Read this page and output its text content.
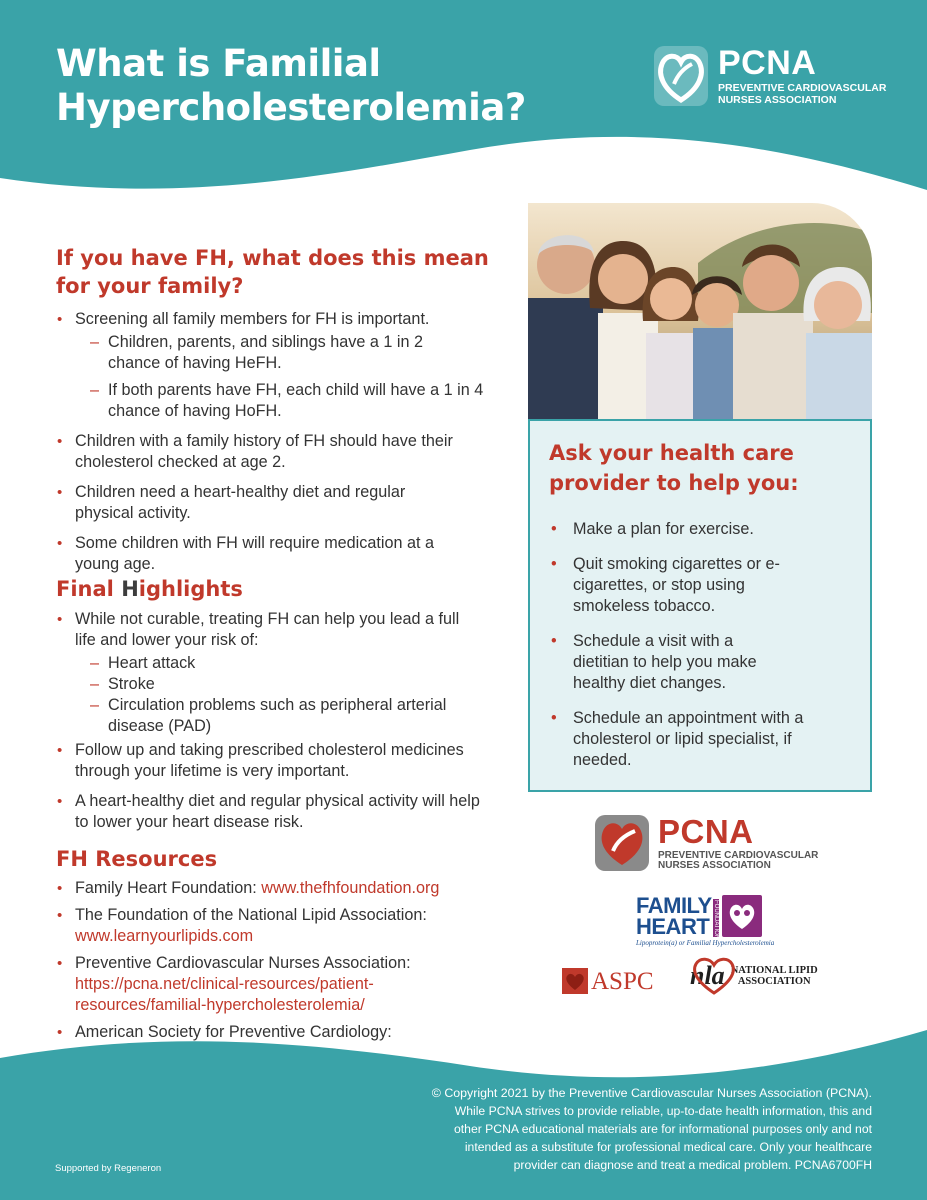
What is Familial
Hypercholesterolemia?
PCNA
PREVENTIVE CARDIOVASCULAR
NURSES ASSOCIATION
If you have FH, what does this mean
for your family?
• Screening all family members for FH is important.
– Children, parents, and siblings have a 1 in 2 chance of having HeFH.
– If both parents have FH, each child will have a 1 in 4 chance of having HoFH.
• Children with a family history of FH should have their cholesterol checked at age 2.
• Children need a heart-healthy diet and regular physical activity.
• Some children with FH will require medication at a young age.
Final Highlights
• While not curable, treating FH can help you lead a full life and lower your risk of:
– Heart attack
– Stroke
– Circulation problems such as peripheral arterial disease (PAD)
• Follow up and taking prescribed cholesterol medicines through your lifetime is very important.
• A heart-healthy diet and regular physical activity will help to lower your heart disease risk.
FH Resources
• Family Heart Foundation: www.thefhfoundation.org
• The Foundation of the National Lipid Association:
www.learnyourlipids.com
• Preventive Cardiovascular Nurses Association:
https://pcna.net/clinical-resources/patient-
resources/familial-hypercholesterolemia/
• American Society for Preventive Cardiology:
Ask your health care
provider to help you:
• Make a plan for exercise.
• Quit smoking cigarettes or e-cigarettes, or stop using smokeless tobacco.
• Schedule a visit with a dietitian to help you make healthy diet changes.
• Schedule an appointment with a cholesterol or lipid specialist, if needed.
PCNA
PREVENTIVE CARDIOVASCULAR
NURSES ASSOCIATION
FAMILY
HEART FOUNDATION
Lipoprotein(a) or Familial Hypercholesterolemia
ASPC nla NATIONAL LIPID
ASSOCIATION
© Copyright 2021 by the Preventive Cardiovascular Nurses Association (PCNA).
While PCNA strives to provide reliable, up-to-date health information, this and
other PCNA educational materials are for informational purposes only and not
intended as a substitute for professional medical care. Only your healthcare
provider can diagnose and treat a medical problem. PCNA6700FH
Supported by Regeneron
